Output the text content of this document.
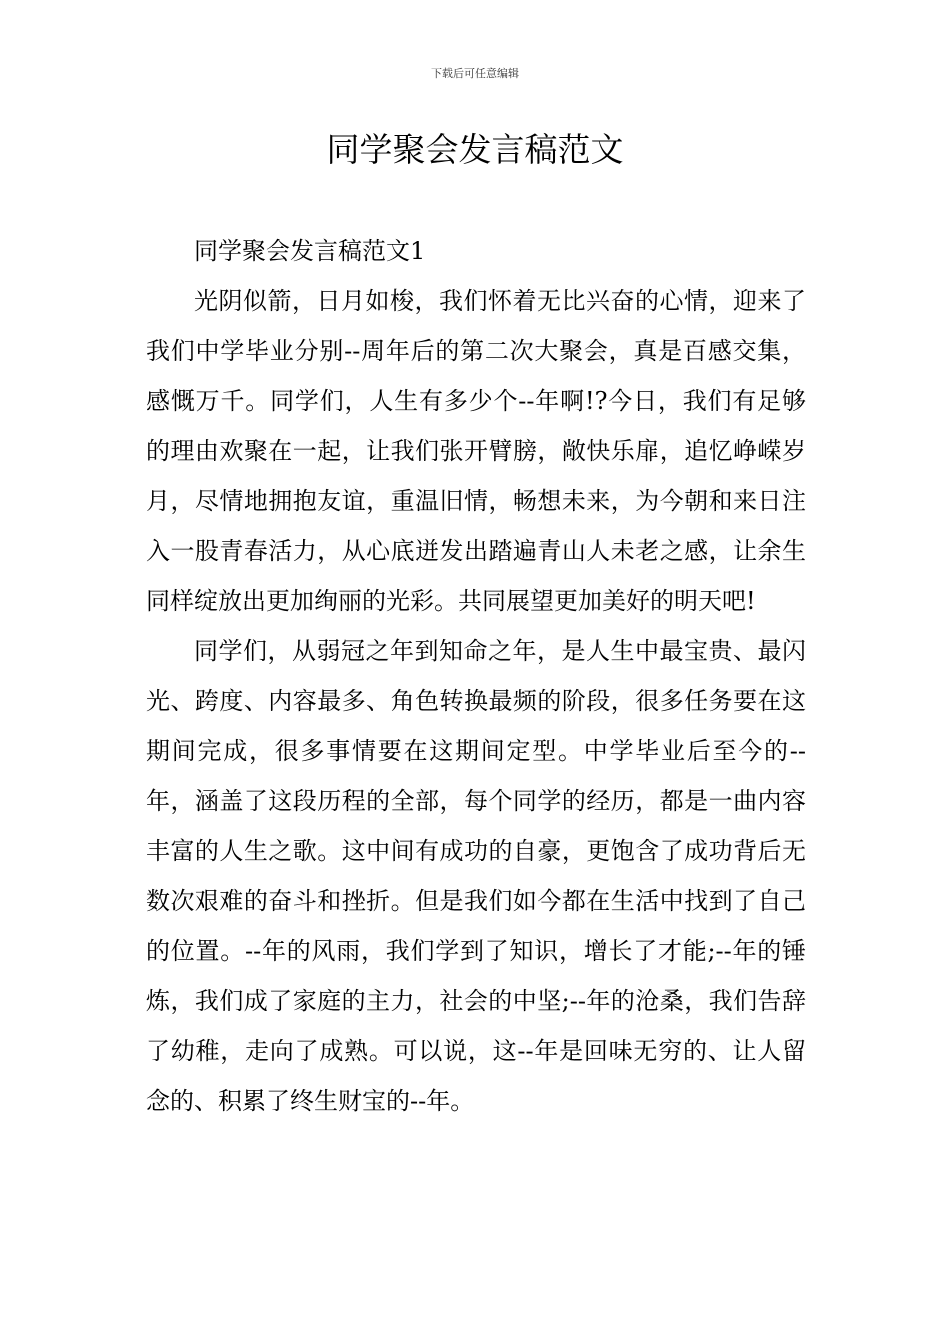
下载后可任意编辑
同学聚会发言稿范文
同学聚会发言稿范文1

光阴似箭，日月如梭，我们怀着无比兴奋的心情，迎来了我们中学毕业分别--周年后的第二次大聚会，真是百感交集，感慨万千。同学们，人生有多少个--年啊!?今日，我们有足够的理由欢聚在一起，让我们张开臂膀，敞快乐扉，追忆峥嵘岁月，尽情地拥抱友谊，重温旧情，畅想未来，为今朝和来日注入一股青春活力，从心底迸发出踏遍青山人未老之感，让余生同样绽放出更加绚丽的光彩。共同展望更加美好的明天吧!

同学们，从弱冠之年到知命之年，是人生中最宝贵、最闪光、跨度、内容最多、角色转换最频的阶段，很多任务要在这期间完成，很多事情要在这期间定型。中学毕业后至今的--年，涵盖了这段历程的全部，每个同学的经历，都是一曲内容丰富的人生之歌。这中间有成功的自豪，更饱含了成功背后无数次艰难的奋斗和挫折。但是我们如今都在生活中找到了自己的位置。--年的风雨，我们学到了知识，增长了才能;--年的锤炼，我们成了家庭的主力，社会的中坚;--年的沧桑，我们告辞了幼稚，走向了成熟。可以说，这--年是回味无穷的、让人留念的、积累了终生财宝的--年。
